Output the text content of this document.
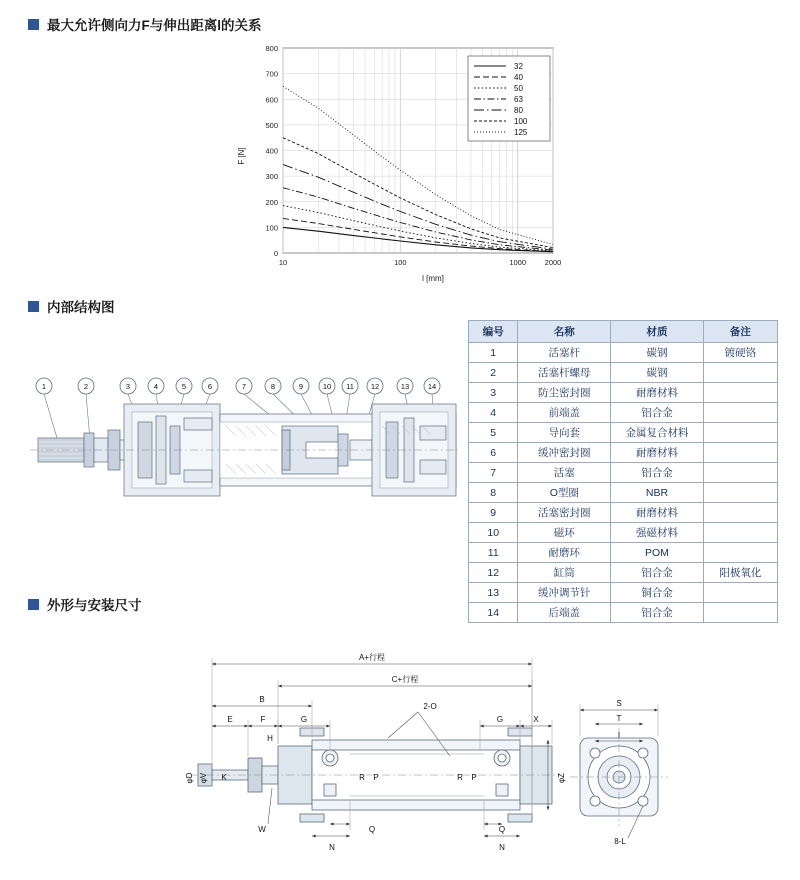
最大允许侧向力F与伸出距离l的关系
0
100
200
300
400
500
600
700
800
10	100	1000 2000
32
40
50
63
80
100
125
F [N]
l [mm]
内部结构图
1	2	3	4	5	6	7	8	9	10 11 12	13 14
编号	名称	材质	备注
1	活塞杆	碳钢	镀硬铬
2	活塞杆螺母	碳钢	
3	防尘密封圈	耐磨材料	
4	前端盖	铝合金	
5	导向套	金属复合材料	
6	缓冲密封圈	耐磨材料	
7	活塞	铝合金	
8	O型圈	NBR	
9	活塞密封圈	耐磨材料	
10	磁环	强磁材料	
11	耐磨环	POM	
12	缸筒	铝合金	阳极氧化
13	缓冲调节针	铜合金	
14	后端盖	铝合金	
外形与安装尺寸
A+行程
C+行程
B
E	F	G	G	X
H
φD φV K
W
2-O
R P	R P
N	N
Q	Q
φZ
S
T
I
8-L
